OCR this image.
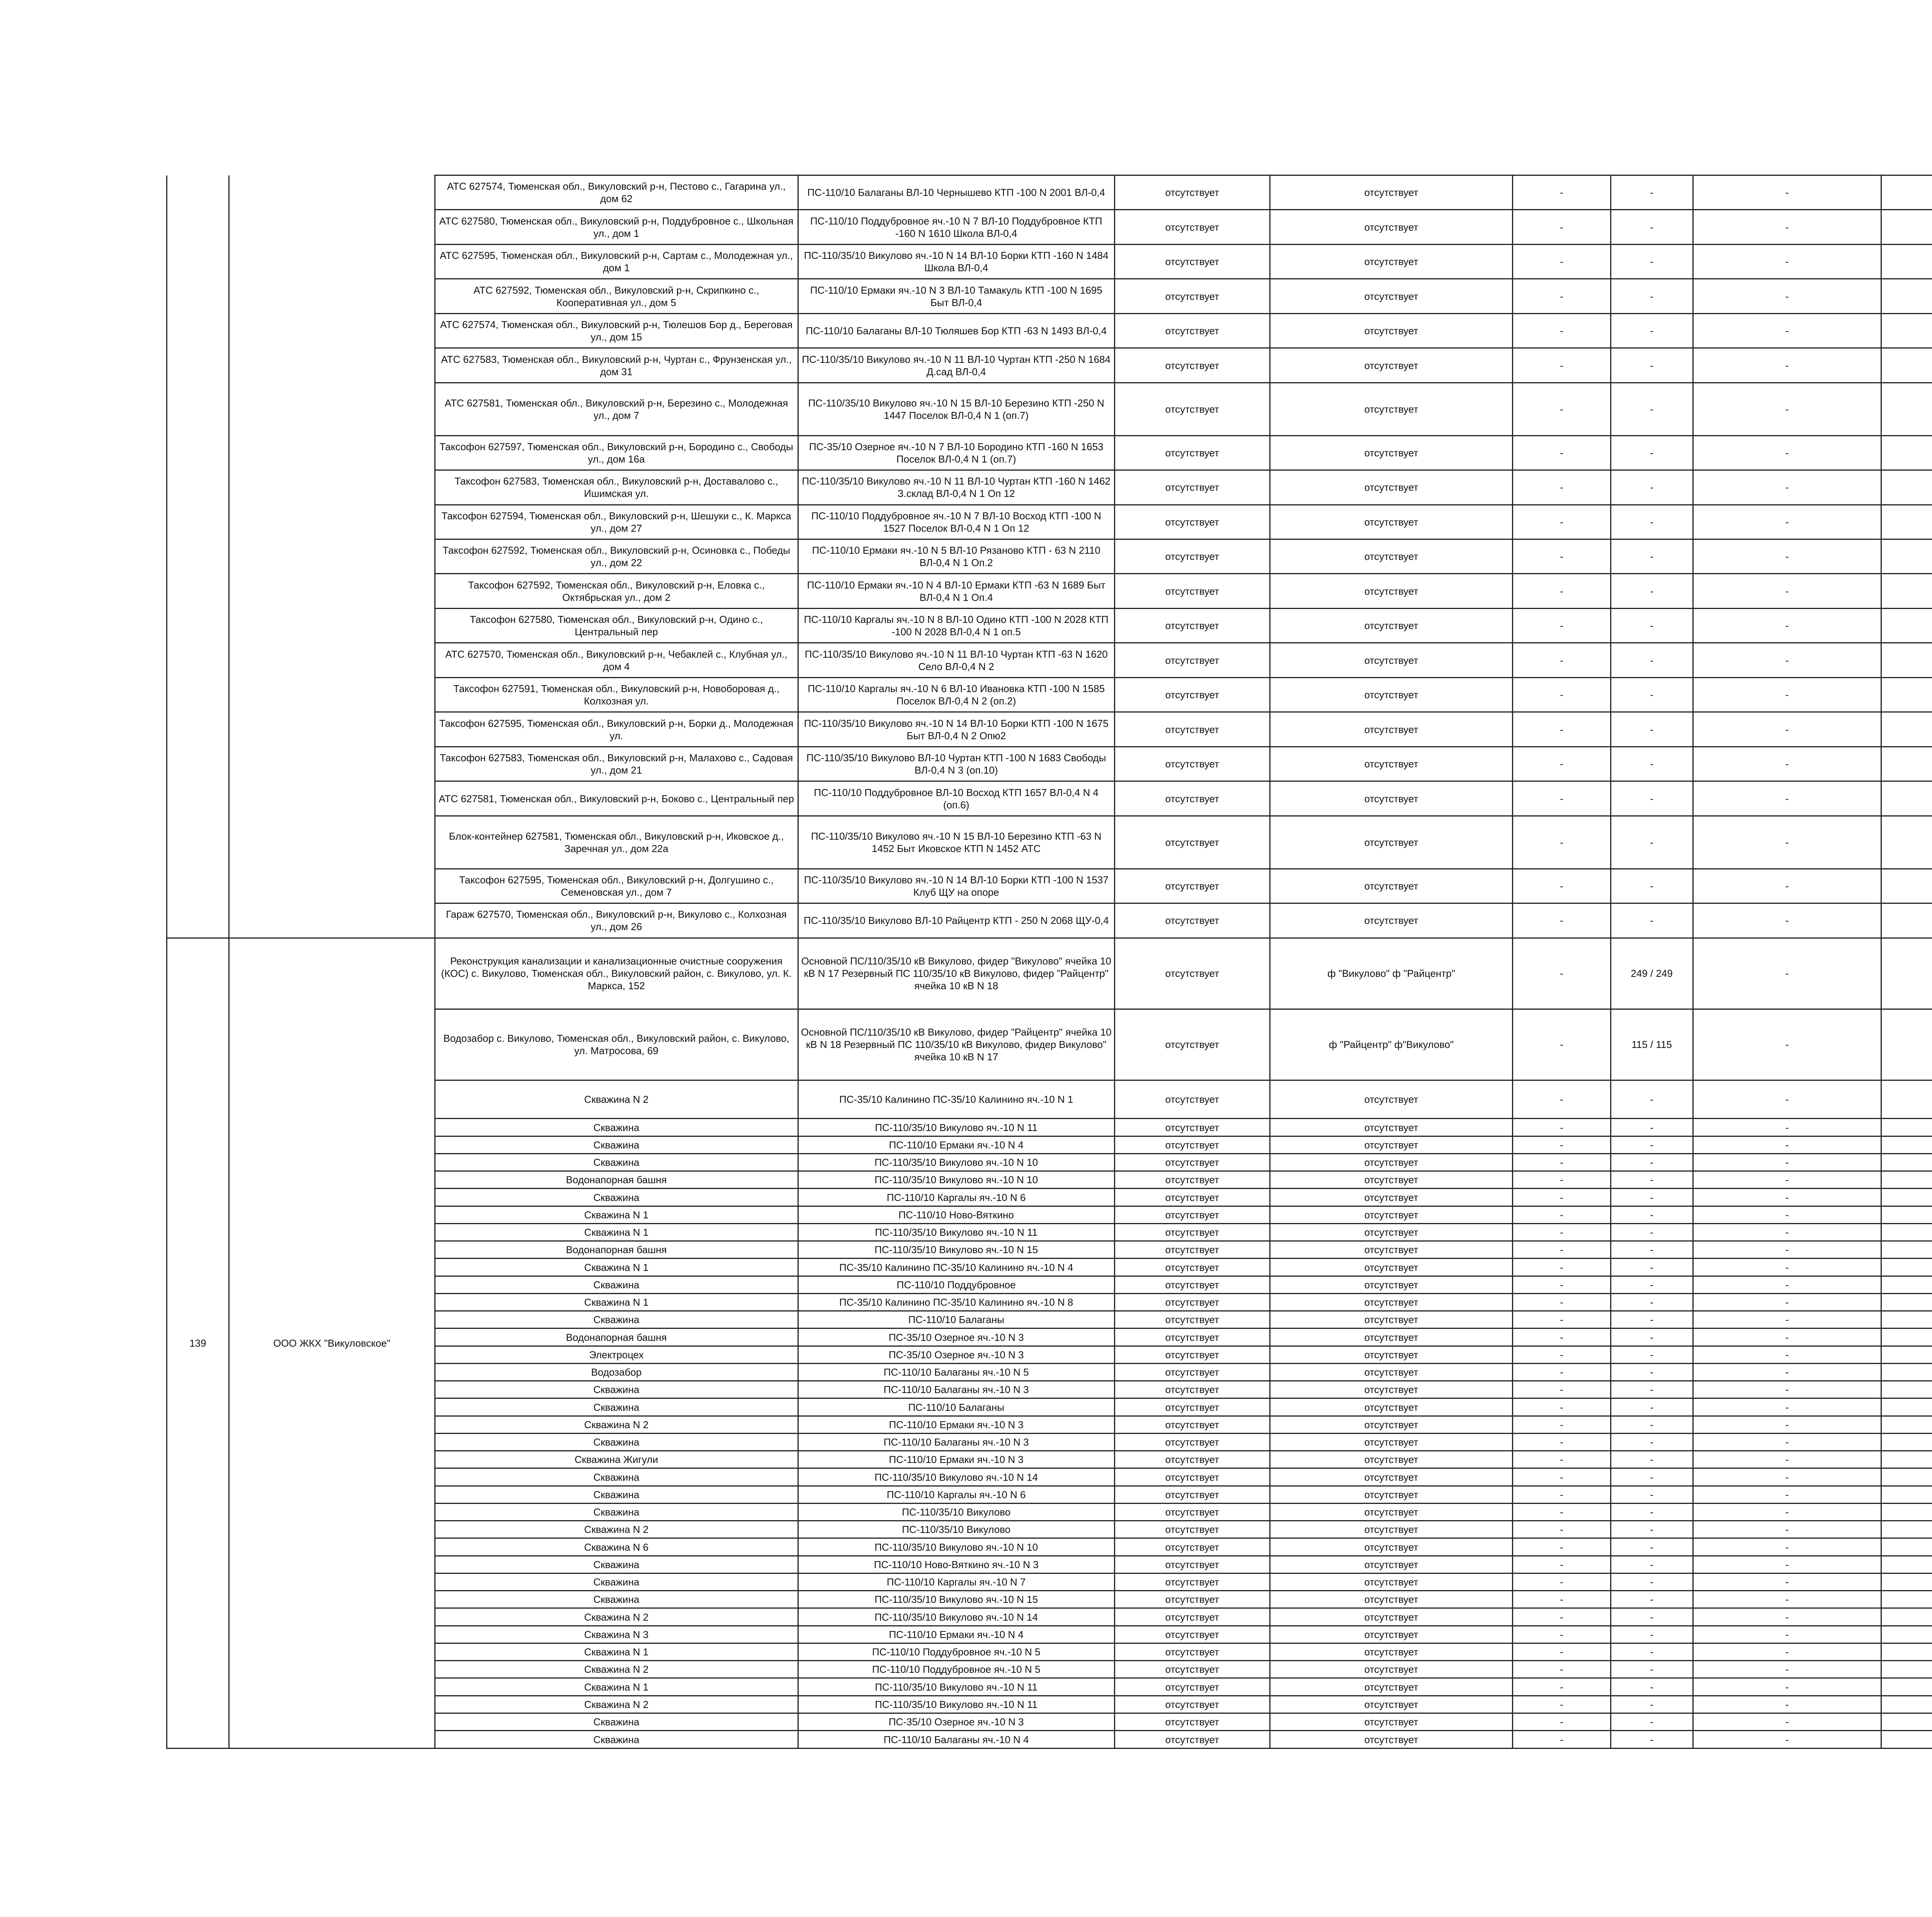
		АТС 627574, Тюменская обл., Викуловский р-н, Пестово с., Гагарина ул., дом 62	ПС-110/10 Балаганы ВЛ-10 Чернышево КТП -100 N 2001 ВЛ-0,4	отсутствует	отсутствует	-	-	-		
		АТС 627580, Тюменская обл., Викуловский р-н, Поддубровное с., Школьная ул., дом 1	ПС-110/10 Поддубровное яч.-10 N 7 ВЛ-10 Поддубровное КТП -160 N 1610 Школа ВЛ-0,4	отсутствует	отсутствует	-	-	-		
		АТС 627595, Тюменская обл., Викуловский р-н, Сартам с., Молодежная ул., дом 1	ПС-110/35/10 Викулово яч.-10 N 14 ВЛ-10 Борки КТП -160 N 1484 Школа ВЛ-0,4	отсутствует	отсутствует	-	-	-		
		АТС 627592, Тюменская обл., Викуловский р-н, Скрипкино с., Кооперативная ул., дом 5	ПС-110/10 Ермаки яч.-10 N 3 ВЛ-10 Тамакуль КТП -100 N 1695 Быт ВЛ-0,4	отсутствует	отсутствует	-	-	-		
		АТС 627574, Тюменская обл., Викуловский р-н, Тюлешов Бор д., Береговая ул., дом 15	ПС-110/10 Балаганы ВЛ-10 Тюляшев Бор КТП -63 N 1493 ВЛ-0,4	отсутствует	отсутствует	-	-	-		
		АТС 627583, Тюменская обл., Викуловский р-н, Чуртан с., Фрунзенская ул., дом 31	ПС-110/35/10 Викулово яч.-10 N 11 ВЛ-10 Чуртан КТП -250 N 1684 Д.сад ВЛ-0,4	отсутствует	отсутствует	-	-	-		
		АТС 627581, Тюменская обл., Викуловский р-н, Березино с., Молодежная ул., дом 7	ПС-110/35/10 Викулово яч.-10 N 15 ВЛ-10 Березино КТП -250 N 1447 Поселок ВЛ-0,4 N 1 (оп.7)	отсутствует	отсутствует	-	-	-		
		Таксофон 627597, Тюменская обл., Викуловский р-н, Бородино с., Свободы ул., дом 16а	ПС-35/10 Озерное яч.-10 N 7 ВЛ-10 Бородино КТП -160 N 1653 Поселок ВЛ-0,4 N 1 (оп.7)	отсутствует	отсутствует	-	-	-		
		Таксофон 627583, Тюменская обл., Викуловский р-н, Доставалово с., Ишимская ул.	ПС-110/35/10 Викулово яч.-10 N 11 ВЛ-10 Чуртан КТП -160 N 1462 З.склад ВЛ-0,4 N 1 Оп 12	отсутствует	отсутствует	-	-	-		
		Таксофон 627594, Тюменская обл., Викуловский р-н, Шешуки с., К. Маркса ул., дом 27	ПС-110/10 Поддубровное яч.-10 N 7 ВЛ-10 Восход КТП -100 N 1527 Поселок ВЛ-0,4 N 1 Оп 12	отсутствует	отсутствует	-	-	-		
		Таксофон 627592, Тюменская обл., Викуловский р-н, Осиновка с., Победы ул., дом 22	ПС-110/10 Ермаки яч.-10 N 5 ВЛ-10 Рязаново КТП - 63 N 2110 ВЛ-0,4 N 1 Оп.2	отсутствует	отсутствует	-	-	-		
		Таксофон 627592, Тюменская обл., Викуловский р-н, Еловка с., Октябрьская ул., дом 2	ПС-110/10 Ермаки яч.-10 N 4 ВЛ-10 Ермаки КТП -63 N 1689 Быт ВЛ-0,4 N 1 Оп.4	отсутствует	отсутствует	-	-	-		
		Таксофон 627580, Тюменская обл., Викуловский р-н, Одино с., Центральный пер	ПС-110/10 Каргалы яч.-10 N 8 ВЛ-10 Одино КТП -100 N 2028 КТП -100 N 2028 ВЛ-0,4 N 1 оп.5	отсутствует	отсутствует	-	-	-		
		АТС 627570, Тюменская обл., Викуловский р-н, Чебаклей с., Клубная ул., дом 4	ПС-110/35/10 Викулово яч.-10 N 11 ВЛ-10 Чуртан КТП -63 N 1620 Село ВЛ-0,4 N 2	отсутствует	отсутствует	-	-	-		
		Таксофон 627591, Тюменская обл., Викуловский р-н, Новоборовая д., Колхозная ул.	ПС-110/10 Каргалы яч.-10 N 6 ВЛ-10 Ивановка КТП -100 N 1585 Поселок ВЛ-0,4 N 2 (оп.2)	отсутствует	отсутствует	-	-	-		
		Таксофон 627595, Тюменская обл., Викуловский р-н, Борки д., Молодежная ул.	ПС-110/35/10 Викулово яч.-10 N 14 ВЛ-10 Борки КТП -100 N 1675 Быт ВЛ-0,4 N 2 Опю2	отсутствует	отсутствует	-	-	-		
		Таксофон 627583, Тюменская обл., Викуловский р-н, Малахово с., Садовая ул., дом 21	ПС-110/35/10 Викулово ВЛ-10 Чуртан КТП -100 N 1683 Свободы ВЛ-0,4 N 3 (оп.10)	отсутствует	отсутствует	-	-	-		
		АТС 627581, Тюменская обл., Викуловский р-н, Боково с., Центральный пер	ПС-110/10 Поддубровное ВЛ-10 Восход КТП 1657 ВЛ-0,4 N 4 (оп.6)	отсутствует	отсутствует	-	-	-		
		Блок-контейнер 627581, Тюменская обл., Викуловский р-н, Иковское д., Заречная ул., дом 22а	ПС-110/35/10 Викулово яч.-10 N 15 ВЛ-10 Березино КТП -63 N 1452 Быт Иковское КТП N 1452 АТС	отсутствует	отсутствует	-	-	-		
		Таксофон 627595, Тюменская обл., Викуловский р-н, Долгушино с., Семеновская ул., дом 7	ПС-110/35/10 Викулово яч.-10 N 14 ВЛ-10 Борки КТП -100 N 1537 Клуб ЩУ на опоре	отсутствует	отсутствует	-	-	-		
		Гараж 627570, Тюменская обл., Викуловский р-н, Викулово с., Колхозная ул., дом 26	ПС-110/35/10 Викулово ВЛ-10 Райцентр КТП - 250 N 2068 ЩУ-0,4	отсутствует	отсутствует	-	-	-		
139	ООО ЖКХ "Викуловское"	Реконструкция канализации и канализационные очистные сооружения (КОС) с. Викулово, Тюменская обл., Викуловский район, с. Викулово, ул. К. Маркса, 152	Основной ПС/110/35/10 кВ Викулово, фидер "Викулово" ячейка 10 кВ N 17 Резервный ПС 110/35/10 кВ Викулово, фидер "Райцентр" ячейка 10 кВ N 18	отсутствует	ф "Викулово" ф "Райцентр"	-	249 / 249	-		
		Водозабор с. Викулово, Тюменская обл., Викуловский район, с. Викулово, ул. Матросова, 69	Основной ПС/110/35/10 кВ Викулово, фидер "Райцентр" ячейка 10 кВ N 18 Резервный ПС 110/35/10 кВ Викулово, фидер Викулово" ячейка 10 кВ N 17	отсутствует	ф "Райцентр" ф"Викулово"	-	115 / 115	-		
		Скважина N 2	ПС-35/10 Калинино ПС-35/10 Калинино яч.-10 N 1	отсутствует	отсутствует	-	-	-		
		Скважина	ПС-110/35/10 Викулово яч.-10 N 11	отсутствует	отсутствует	-	-	-		
		Скважина	ПС-110/10 Ермаки яч.-10 N 4	отсутствует	отсутствует	-	-	-		
		Скважина	ПС-110/35/10 Викулово яч.-10 N 10	отсутствует	отсутствует	-	-	-		
		Водонапорная башня	ПС-110/35/10 Викулово яч.-10 N 10	отсутствует	отсутствует	-	-	-		
		Скважина	ПС-110/10 Каргалы яч.-10 N 6	отсутствует	отсутствует	-	-	-		
		Скважина N 1	ПС-110/10 Ново-Вяткино	отсутствует	отсутствует	-	-	-		
		Скважина N 1	ПС-110/35/10 Викулово яч.-10 N 11	отсутствует	отсутствует	-	-	-		
		Водонапорная башня	ПС-110/35/10 Викулово яч.-10 N 15	отсутствует	отсутствует	-	-	-		
		Скважина N 1	ПС-35/10 Калинино ПС-35/10 Калинино яч.-10 N 4	отсутствует	отсутствует	-	-	-		
		Скважина	ПС-110/10 Поддубровное	отсутствует	отсутствует	-	-	-		
		Скважина N 1	ПС-35/10 Калинино ПС-35/10 Калинино яч.-10 N 8	отсутствует	отсутствует	-	-	-		
		Скважина	ПС-110/10 Балаганы	отсутствует	отсутствует	-	-	-		
		Водонапорная башня	ПС-35/10 Озерное яч.-10 N 3	отсутствует	отсутствует	-	-	-		
		Электроцех	ПС-35/10 Озерное яч.-10 N 3	отсутствует	отсутствует	-	-	-		
		Водозабор	ПС-110/10 Балаганы яч.-10 N 5	отсутствует	отсутствует	-	-	-		
		Скважина	ПС-110/10 Балаганы яч.-10 N 3	отсутствует	отсутствует	-	-	-		
		Скважина	ПС-110/10 Балаганы	отсутствует	отсутствует	-	-	-		
		Скважина N 2	ПС-110/10 Ермаки яч.-10 N 3	отсутствует	отсутствует	-	-	-		
		Скважина	ПС-110/10 Балаганы яч.-10 N 3	отсутствует	отсутствует	-	-	-		
		Скважина Жигули	ПС-110/10 Ермаки яч.-10 N 3	отсутствует	отсутствует	-	-	-		
		Скважина	ПС-110/35/10 Викулово яч.-10 N 14	отсутствует	отсутствует	-	-	-		
		Скважина	ПС-110/10 Каргалы яч.-10 N 6	отсутствует	отсутствует	-	-	-		
		Скважина	ПС-110/35/10 Викулово	отсутствует	отсутствует	-	-	-		
		Скважина N 2	ПС-110/35/10 Викулово	отсутствует	отсутствует	-	-	-		
		Скважина N 6	ПС-110/35/10 Викулово яч.-10 N 10	отсутствует	отсутствует	-	-	-		
		Скважина	ПС-110/10 Ново-Вяткино яч.-10 N 3	отсутствует	отсутствует	-	-	-		
		Скважина	ПС-110/10 Каргалы яч.-10 N 7	отсутствует	отсутствует	-	-	-		
		Скважина	ПС-110/35/10 Викулово яч.-10 N 15	отсутствует	отсутствует	-	-	-		
		Скважина N 2	ПС-110/35/10 Викулово яч.-10 N 14	отсутствует	отсутствует	-	-	-		
		Скважина N 3	ПС-110/10 Ермаки яч.-10 N 4	отсутствует	отсутствует	-	-	-		
		Скважина N 1	ПС-110/10 Поддубровное яч.-10 N 5	отсутствует	отсутствует	-	-	-		
		Скважина N 2	ПС-110/10 Поддубровное яч.-10 N 5	отсутствует	отсутствует	-	-	-		
		Скважина N 1	ПС-110/35/10 Викулово яч.-10 N 11	отсутствует	отсутствует	-	-	-		
		Скважина N 2	ПС-110/35/10 Викулово яч.-10 N 11	отсутствует	отсутствует	-	-	-		
		Скважина	ПС-35/10 Озерное яч.-10 N 3	отсутствует	отсутствует	-	-	-		
		Скважина	ПС-110/10 Балаганы яч.-10 N 4	отсутствует	отсутствует	-	-	-		
